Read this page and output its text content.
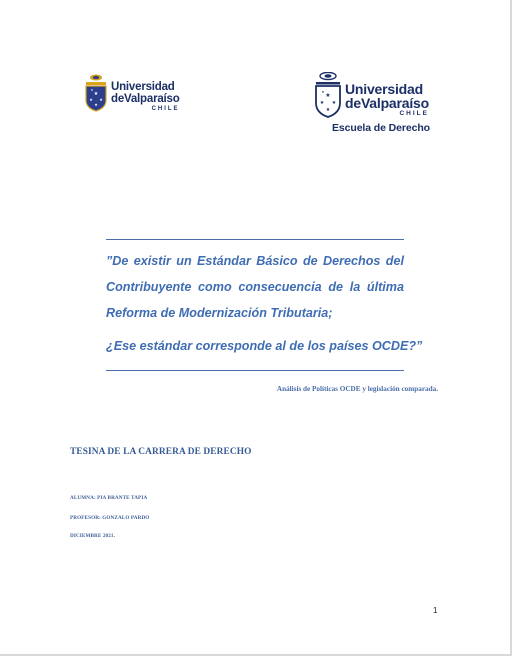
★
★ ★
★
★ Universidad
deValparaíso
CHILE
★
★ ★
★
★ Universidad
deValparaíso
CHILE
Escuela de Derecho

”De existir un Estándar Básico de Derechos del Contribuyente como consecuencia de la última Reforma de Modernización Tributaria;

¿Ese estándar corresponde al de los países OCDE?”

Análisis de Políticas OCDE y legislación comparada.
TESINA DE LA CARRERA DE DERECHO
ALUMNA: PIA BRANTE TAPIA
PROFESOR: GONZALO PARDO
DICIEMBRE 2021.
1
